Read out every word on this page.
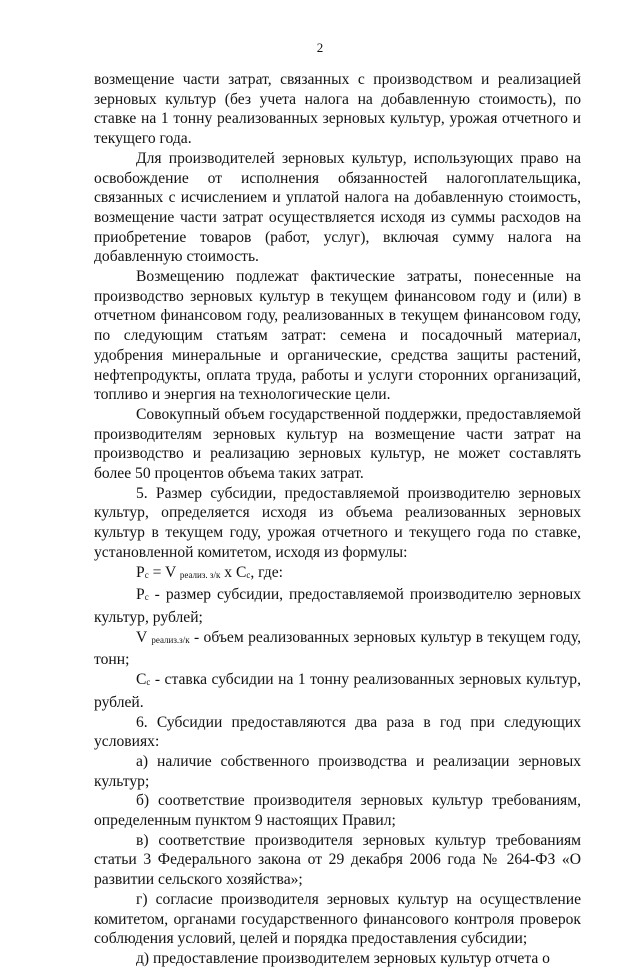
2

возмещение части затрат, связанных с производством и реализацией зерновых культур (без учета налога на добавленную стоимость), по ставке на 1 тонну реализованных зерновых культур, урожая отчетного и текущего года.

Для производителей зерновых культур, использующих право на освобождение от исполнения обязанностей налогоплательщика, связанных с исчислением и уплатой налога на добавленную стоимость, возмещение части затрат осуществляется исходя из суммы расходов на приобретение товаров (работ, услуг), включая сумму налога на добавленную стоимость.

Возмещению подлежат фактические затраты, понесенные на производство зерновых культур в текущем финансовом году и (или) в отчетном финансовом году, реализованных в текущем финансовом году, по следующим статьям затрат: семена и посадочный материал, удобрения минеральные и органические, средства защиты растений, нефтепродукты, оплата труда, работы и услуги сторонних организаций, топливо и энергия на технологические цели.

Совокупный объем государственной поддержки, предоставляемой производителям зерновых культур на возмещение части затрат на производство и реализацию зерновых культур, не может составлять более 50 процентов объема таких затрат.

5. Размер субсидии, предоставляемой производителю зерновых культур, определяется исходя из объема реализованных зерновых культур в текущем году, урожая отчетного и текущего года по ставке, установленной комитетом, исходя из формулы:

Pc = V реализ. з/к x Cc, где:

Pc - размер субсидии, предоставляемой производителю зерновых культур, рублей;

V реализ.з/к - объем реализованных зерновых культур в текущем году, тонн;

Cc - ставка субсидии на 1 тонну реализованных зерновых культур, рублей.

6. Субсидии предоставляются два раза в год при следующих условиях:

а) наличие собственного производства и реализации зерновых культур;

б) соответствие производителя зерновых культур требованиям, определенным пунктом 9 настоящих Правил;

в) соответствие производителя зерновых культур требованиям статьи 3 Федерального закона от 29 декабря 2006 года № 264-ФЗ «О развитии сельского хозяйства»;

г) согласие производителя зерновых культур на осуществление комитетом, органами государственного финансового контроля проверок соблюдения условий, целей и порядка предоставления субсидии;

д) предоставление производителем зерновых культур отчета о
